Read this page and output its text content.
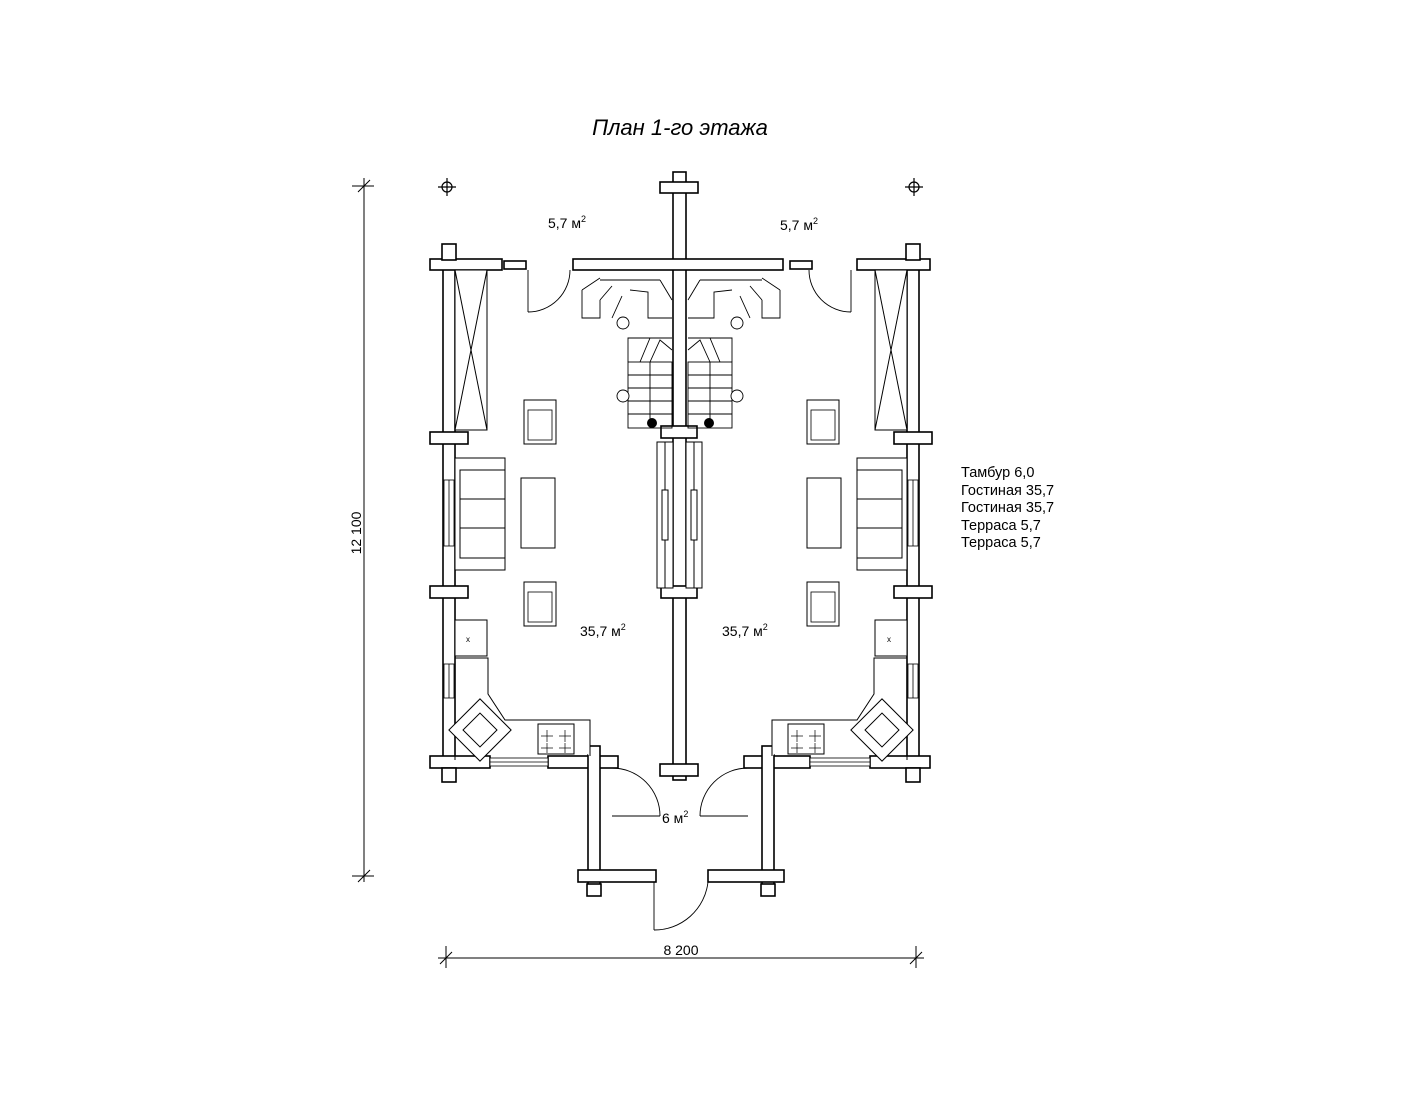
План 1-го этажа
x	x
5,7 $м^2$	5,7 $м^2$
35,7 $м^2$	35,7 $м^2$
6 $м^2$
8 200
12 100
Тамбур 6,0
Гостиная 35,7
Гостиная 35,7
Терраса 5,7
Терраса 5,7
